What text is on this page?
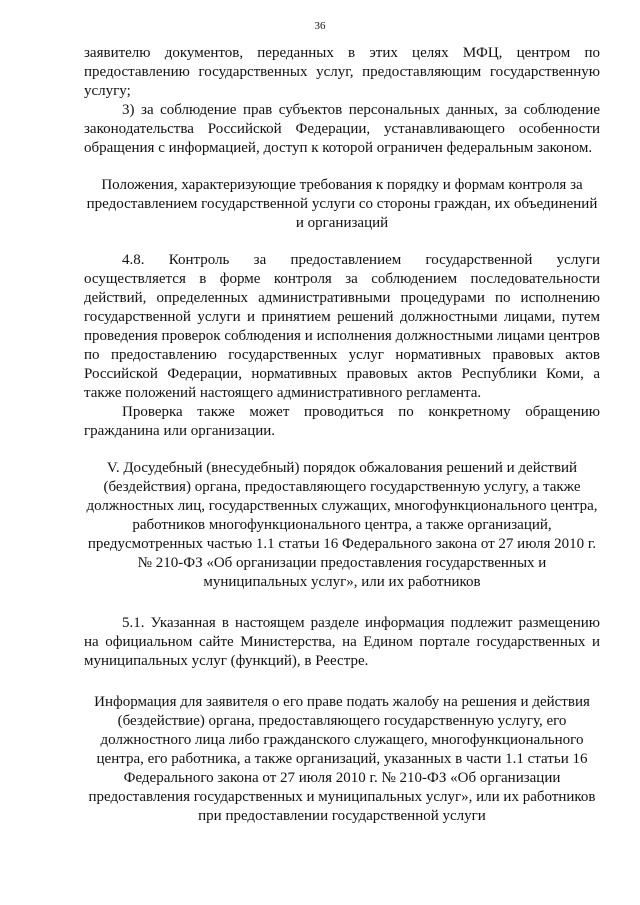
36

заявителю документов, переданных в этих целях МФЦ, центром по предоставлению государственных услуг, предоставляющим государственную услугу;

3) за соблюдение прав субъектов персональных данных, за соблюдение законодательства Российской Федерации, устанавливающего особенности обращения с информацией, доступ к которой ограничен федеральным законом.

Положения, характеризующие требования к порядку и формам контроля за предоставлением государственной услуги со стороны граждан, их объединений и организаций

4.8. Контроль за предоставлением государственной услуги осуществляется в форме контроля за соблюдением последовательности действий, определенных административными процедурами по исполнению государственной услуги и принятием решений должностными лицами, путем проведения проверок соблюдения и исполнения должностными лицами центров по предоставлению государственных услуг нормативных правовых актов Российской Федерации, нормативных правовых актов Республики Коми, а также положений настоящего административного регламента.

Проверка также может проводиться по конкретному обращению гражданина или организации.

V. Досудебный (внесудебный) порядок обжалования решений и действий (бездействия) органа, предоставляющего государственную услугу, а также должностных лиц, государственных служащих, многофункционального центра, работников многофункционального центра, а также организаций, предусмотренных частью 1.1 статьи 16 Федерального закона от 27 июля 2010 г. № 210-ФЗ «Об организации предоставления государственных и муниципальных услуг», или их работников

5.1. Указанная в настоящем разделе информация подлежит размещению на официальном сайте Министерства, на Едином портале государственных и муниципальных услуг (функций), в Реестре.

Информация для заявителя о его праве подать жалобу на решения и действия (бездействие) органа, предоставляющего государственную услугу, его должностного лица либо гражданского служащего, многофункционального центра, его работника, а также организаций, указанных в части 1.1 статьи 16 Федерального закона от 27 июля 2010 г. № 210-ФЗ «Об организации предоставления государственных и муниципальных услуг», или их работников при предоставлении государственной услуги
